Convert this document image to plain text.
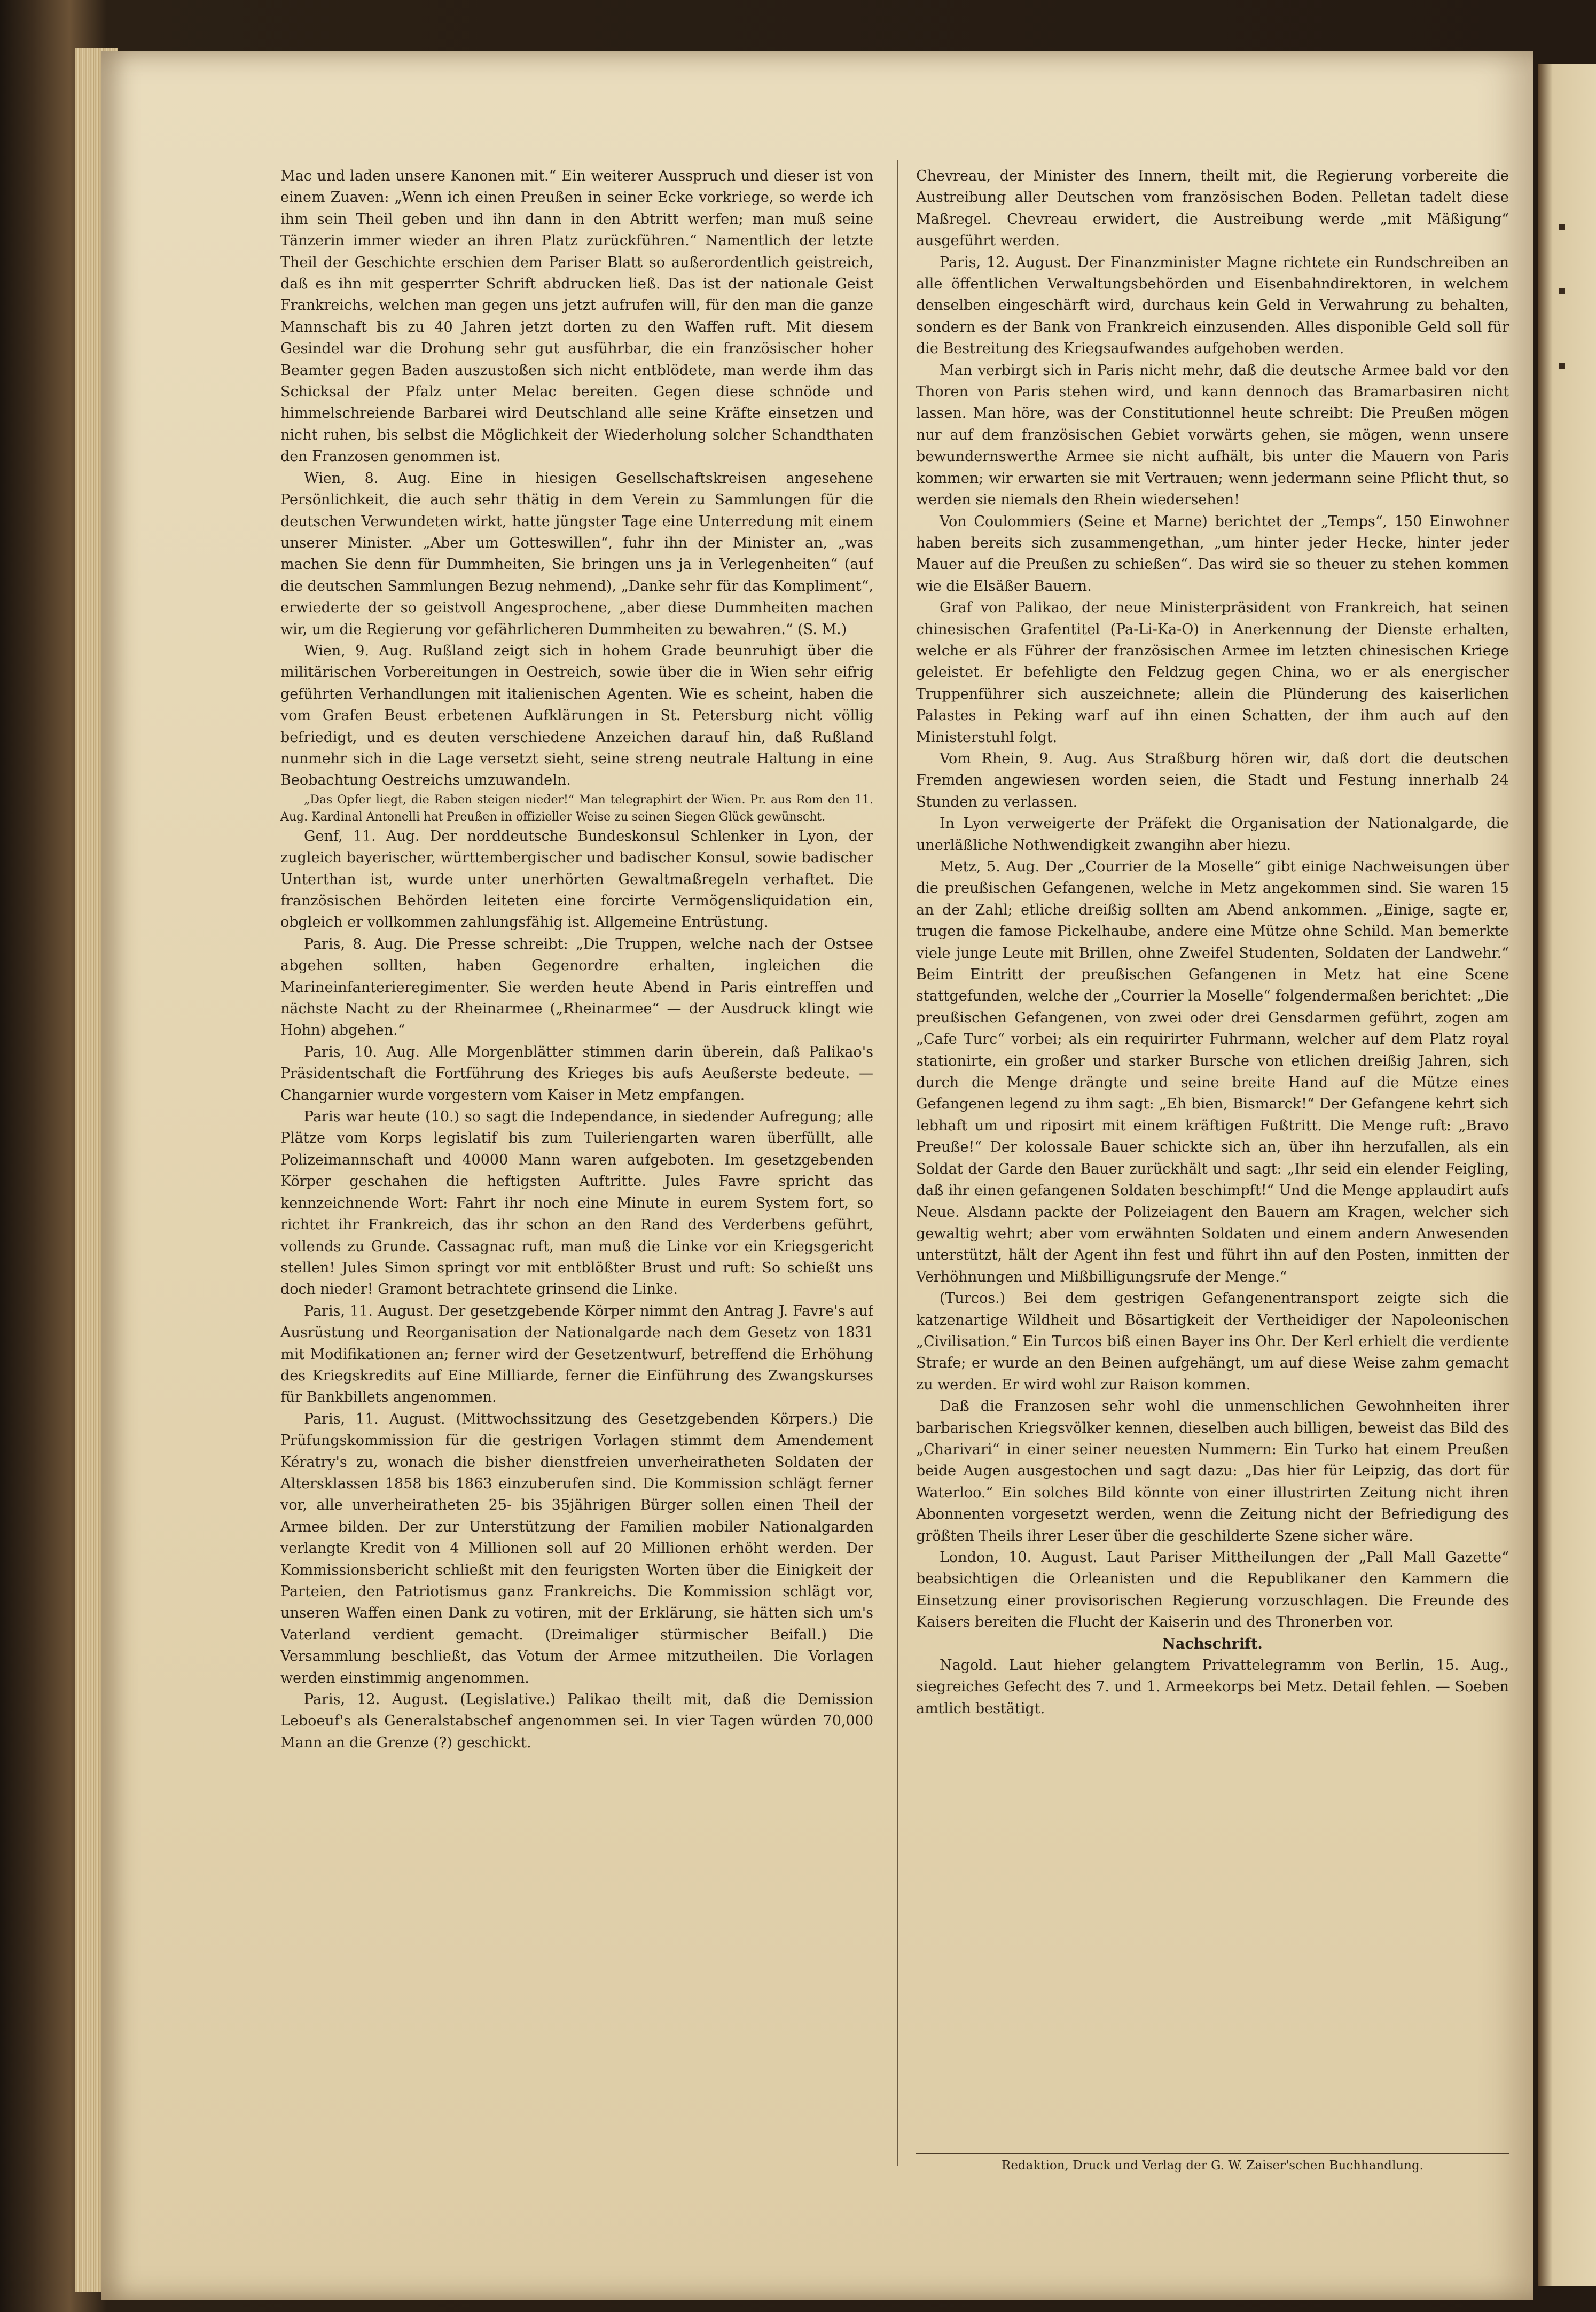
Mac und laden unsere Kanonen mit.“ Ein weiterer Ausspruch und dieser ist von einem Zuaven: „Wenn ich einen Preußen in seiner Ecke vorkriege, so werde ich ihm sein Theil geben und ihn dann in den Abtritt werfen; man muß seine Tänzerin immer wieder an ihren Platz zurückführen.“ Namentlich der letzte Theil der Geschichte erschien dem Pariser Blatt so außerordentlich geistreich, daß es ihn mit gesperrter Schrift abdrucken ließ. Das ist der nationale Geist Frankreichs, welchen man gegen uns jetzt aufrufen will, für den man die ganze Mannschaft bis zu 40 Jahren jetzt dorten zu den Waffen ruft. Mit diesem Gesindel war die Drohung sehr gut ausführbar, die ein französischer hoher Beamter gegen Baden auszustoßen sich nicht entblödete, man werde ihm das Schicksal der Pfalz unter Melac bereiten. Gegen diese schnöde und himmelschreiende Barbarei wird Deutschland alle seine Kräfte einsetzen und nicht ruhen, bis selbst die Möglichkeit der Wiederholung solcher Schandthaten den Franzosen genommen ist.

Wien, 8. Aug. Eine in hiesigen Gesellschaftskreisen angesehene Persönlichkeit, die auch sehr thätig in dem Verein zu Sammlungen für die deutschen Verwundeten wirkt, hatte jüngster Tage eine Unterredung mit einem unserer Minister. „Aber um Gotteswillen“, fuhr ihn der Minister an, „was machen Sie denn für Dummheiten, Sie bringen uns ja in Verlegenheiten“ (auf die deutschen Sammlungen Bezug nehmend), „Danke sehr für das Kompliment“, erwiederte der so geistvoll Angesprochene, „aber diese Dummheiten machen wir, um die Regierung vor gefährlicheren Dummheiten zu bewahren.“ (S. M.)

Wien, 9. Aug. Rußland zeigt sich in hohem Grade beunruhigt über die militärischen Vorbereitungen in Oestreich, sowie über die in Wien sehr eifrig geführten Verhandlungen mit italienischen Agenten. Wie es scheint, haben die vom Grafen Beust erbetenen Aufklärungen in St. Petersburg nicht völlig befriedigt, und es deuten verschiedene Anzeichen darauf hin, daß Rußland nunmehr sich in die Lage versetzt sieht, seine streng neutrale Haltung in eine Beobachtung Oestreichs umzuwandeln.

„Das Opfer liegt, die Raben steigen nieder!“ Man telegraphirt der Wien. Pr. aus Rom den 11. Aug. Kardinal Antonelli hat Preußen in offizieller Weise zu seinen Siegen Glück gewünscht.

Genf, 11. Aug. Der norddeutsche Bundeskonsul Schlenker in Lyon, der zugleich bayerischer, württembergischer und badischer Konsul, sowie badischer Unterthan ist, wurde unter unerhörten Gewaltmaßregeln verhaftet. Die französischen Behörden leiteten eine forcirte Vermögensliquidation ein, obgleich er vollkommen zahlungsfähig ist. Allgemeine Entrüstung.

Paris, 8. Aug. Die Presse schreibt: „Die Truppen, welche nach der Ostsee abgehen sollten, haben Gegenordre erhalten, ingleichen die Marineinfanterieregimenter. Sie werden heute Abend in Paris eintreffen und nächste Nacht zu der Rheinarmee („Rheinarmee“ — der Ausdruck klingt wie Hohn) abgehen.“

Paris, 10. Aug. Alle Morgenblätter stimmen darin überein, daß Palikao's Präsidentschaft die Fortführung des Krieges bis aufs Aeußerste bedeute. — Changarnier wurde vorgestern vom Kaiser in Metz empfangen.

Paris war heute (10.) so sagt die Independance, in siedender Aufregung; alle Plätze vom Korps legislatif bis zum Tuileriengarten waren überfüllt, alle Polizeimannschaft und 40000 Mann waren aufgeboten. Im gesetzgebenden Körper geschahen die heftigsten Auftritte. Jules Favre spricht das kennzeichnende Wort: Fahrt ihr noch eine Minute in eurem System fort, so richtet ihr Frankreich, das ihr schon an den Rand des Verderbens geführt, vollends zu Grunde. Cassagnac ruft, man muß die Linke vor ein Kriegsgericht stellen! Jules Simon springt vor mit entblößter Brust und ruft: So schießt uns doch nieder! Gramont betrachtete grinsend die Linke.

Paris, 11. August. Der gesetzgebende Körper nimmt den Antrag J. Favre's auf Ausrüstung und Reorganisation der Nationalgarde nach dem Gesetz von 1831 mit Modifikationen an; ferner wird der Gesetzentwurf, betreffend die Erhöhung des Kriegskredits auf Eine Milliarde, ferner die Einführung des Zwangskurses für Bankbillets angenommen.

Paris, 11. August. (Mittwochssitzung des Gesetzgebenden Körpers.) Die Prüfungskommission für die gestrigen Vorlagen stimmt dem Amendement Kératry's zu, wonach die bisher dienstfreien unverheiratheten Soldaten der Altersklassen 1858 bis 1863 einzuberufen sind. Die Kommission schlägt ferner vor, alle unverheiratheten 25- bis 35jährigen Bürger sollen einen Theil der Armee bilden. Der zur Unterstützung der Familien mobiler Nationalgarden verlangte Kredit von 4 Millionen soll auf 20 Millionen erhöht werden. Der Kommissionsbericht schließt mit den feurigsten Worten über die Einigkeit der Parteien, den Patriotismus ganz Frankreichs. Die Kommission schlägt vor, unseren Waffen einen Dank zu votiren, mit der Erklärung, sie hätten sich um's Vaterland verdient gemacht. (Dreimaliger stürmischer Beifall.) Die Versammlung beschließt, das Votum der Armee mitzutheilen. Die Vorlagen werden einstimmig angenommen.

Paris, 12. August. (Legislative.) Palikao theilt mit, daß die Demission Leboeuf's als Generalstabschef angenommen sei. In vier Tagen würden 70,000 Mann an die Grenze (?) geschickt.

Chevreau, der Minister des Innern, theilt mit, die Regierung vorbereite die Austreibung aller Deutschen vom französischen Boden. Pelletan tadelt diese Maßregel. Chevreau erwidert, die Austreibung werde „mit Mäßigung“ ausgeführt werden.

Paris, 12. August. Der Finanzminister Magne richtete ein Rundschreiben an alle öffentlichen Verwaltungsbehörden und Eisenbahndirektoren, in welchem denselben eingeschärft wird, durchaus kein Geld in Verwahrung zu behalten, sondern es der Bank von Frankreich einzusenden. Alles disponible Geld soll für die Bestreitung des Kriegsaufwandes aufgehoben werden.

Man verbirgt sich in Paris nicht mehr, daß die deutsche Armee bald vor den Thoren von Paris stehen wird, und kann dennoch das Bramarbasiren nicht lassen. Man höre, was der Constitutionnel heute schreibt: Die Preußen mögen nur auf dem französischen Gebiet vorwärts gehen, sie mögen, wenn unsere bewundernswerthe Armee sie nicht aufhält, bis unter die Mauern von Paris kommen; wir erwarten sie mit Vertrauen; wenn jedermann seine Pflicht thut, so werden sie niemals den Rhein wiedersehen!

Von Coulommiers (Seine et Marne) berichtet der „Temps“, 150 Einwohner haben bereits sich zusammengethan, „um hinter jeder Hecke, hinter jeder Mauer auf die Preußen zu schießen“. Das wird sie so theuer zu stehen kommen wie die Elsäßer Bauern.

Graf von Palikao, der neue Ministerpräsident von Frankreich, hat seinen chinesischen Grafentitel (Pa-Li-Ka-O) in Anerkennung der Dienste erhalten, welche er als Führer der französischen Armee im letzten chinesischen Kriege geleistet. Er befehligte den Feldzug gegen China, wo er als energischer Truppenführer sich auszeichnete; allein die Plünderung des kaiserlichen Palastes in Peking warf auf ihn einen Schatten, der ihm auch auf den Ministerstuhl folgt.

Vom Rhein, 9. Aug. Aus Straßburg hören wir, daß dort die deutschen Fremden angewiesen worden seien, die Stadt und Festung innerhalb 24 Stunden zu verlassen.

In Lyon verweigerte der Präfekt die Organisation der Nationalgarde, die unerläßliche Nothwendigkeit zwangihn aber hiezu.

Metz, 5. Aug. Der „Courrier de la Moselle“ gibt einige Nachweisungen über die preußischen Gefangenen, welche in Metz angekommen sind. Sie waren 15 an der Zahl; etliche dreißig sollten am Abend ankommen. „Einige, sagte er, trugen die famose Pickelhaube, andere eine Mütze ohne Schild. Man bemerkte viele junge Leute mit Brillen, ohne Zweifel Studenten, Soldaten der Landwehr.“ Beim Eintritt der preußischen Gefangenen in Metz hat eine Scene stattgefunden, welche der „Courrier la Moselle“ folgendermaßen berichtet: „Die preußischen Gefangenen, von zwei oder drei Gensdarmen geführt, zogen am „Cafe Turc“ vorbei; als ein requirirter Fuhrmann, welcher auf dem Platz royal stationirte, ein großer und starker Bursche von etlichen dreißig Jahren, sich durch die Menge drängte und seine breite Hand auf die Mütze eines Gefangenen legend zu ihm sagt: „Eh bien, Bismarck!“ Der Gefangene kehrt sich lebhaft um und riposirt mit einem kräftigen Fußtritt. Die Menge ruft: „Bravo Preuße!“ Der kolossale Bauer schickte sich an, über ihn herzufallen, als ein Soldat der Garde den Bauer zurückhält und sagt: „Ihr seid ein elender Feigling, daß ihr einen gefangenen Soldaten beschimpft!“ Und die Menge applaudirt aufs Neue. Alsdann packte der Polizeiagent den Bauern am Kragen, welcher sich gewaltig wehrt; aber vom erwähnten Soldaten und einem andern Anwesenden unterstützt, hält der Agent ihn fest und führt ihn auf den Posten, inmitten der Verhöhnungen und Mißbilligungsrufe der Menge.“

(Turcos.) Bei dem gestrigen Gefangenentransport zeigte sich die katzenartige Wildheit und Bösartigkeit der Vertheidiger der Napoleonischen „Civilisation.“ Ein Turcos biß einen Bayer ins Ohr. Der Kerl erhielt die verdiente Strafe; er wurde an den Beinen aufgehängt, um auf diese Weise zahm gemacht zu werden. Er wird wohl zur Raison kommen.

Daß die Franzosen sehr wohl die unmenschlichen Gewohnheiten ihrer barbarischen Kriegsvölker kennen, dieselben auch billigen, beweist das Bild des „Charivari“ in einer seiner neuesten Nummern: Ein Turko hat einem Preußen beide Augen ausgestochen und sagt dazu: „Das hier für Leipzig, das dort für Waterloo.“ Ein solches Bild könnte von einer illustrirten Zeitung nicht ihren Abonnenten vorgesetzt werden, wenn die Zeitung nicht der Befriedigung des größten Theils ihrer Leser über die geschilderte Szene sicher wäre.

London, 10. August. Laut Pariser Mittheilungen der „Pall Mall Gazette“ beabsichtigen die Orleanisten und die Republikaner den Kammern die Einsetzung einer provisorischen Regierung vorzuschlagen. Die Freunde des Kaisers bereiten die Flucht der Kaiserin und des Thronerben vor.

Nachschrift.

Nagold. Laut hieher gelangtem Privattelegramm von Berlin, 15. Aug., siegreiches Gefecht des 7. und 1. Armeekorps bei Metz. Detail fehlen. — Soeben amtlich bestätigt.

Redaktion, Druck und Verlag der G. W. Zaiser'schen Buchhandlung.
